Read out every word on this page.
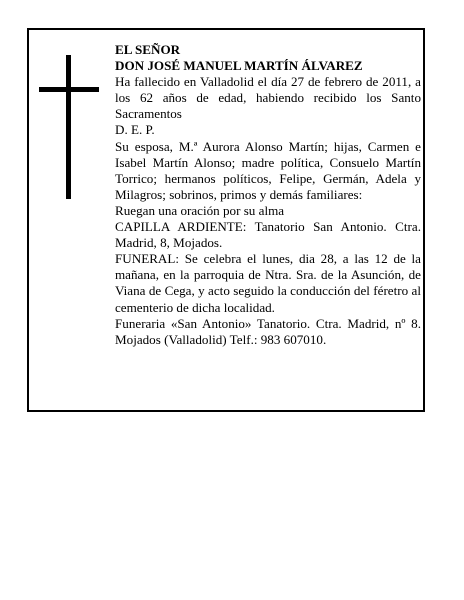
EL SEÑOR

DON JOSÉ MANUEL MARTÍN ÁLVAREZ

Ha fallecido en Valladolid el día 27 de febrero de 2011, a los 62 años de edad, habiendo recibido los Santo Sacramentos

D. E. P.

Su esposa, M.ª Aurora Alonso Martín; hijas, Carmen e Isabel Martín Alonso; madre política, Consuelo Martín Torrico; hermanos políticos, Felipe, Germán, Adela y Milagros; sobrinos, primos y demás familiares:

Ruegan una oración por su alma

CAPILLA ARDIENTE: Tanatorio San Antonio. Ctra. Madrid, 8, Mojados.

FUNERAL: Se celebra el lunes, dia 28, a las 12 de la mañana, en la parroquia de Ntra. Sra. de la Asunción, de Viana de Cega, y acto seguido la conducción del féretro al cementerio de dicha localidad.

Funeraria «San Antonio» Tanatorio. Ctra. Madrid, nº 8. Mojados (Valladolid) Telf.: 983 607010.
